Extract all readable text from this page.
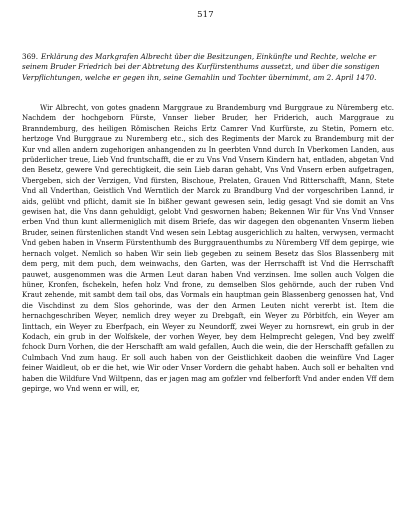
517
369. Erklärung des Markgrafen Albrecht über die Besitzungen, Einkünfte und Rechte, welche er seinem Bruder Friedrich bei der Abtretung des Kurfürstenthums aussetzt, und über die sonstigen Verpflichtungen, welche er gegen ihn, seine Gemahlin und Tochter übernimmt, am 2. April 1470.

Wir Albrecht, von gotes gnadenn Marggraue zu Brandemburg vnd Burggraue zu Nüremberg etc. Nachdem der hochgeborn Fürste, Vnnser lieber Bruder, her Friderich, auch Marggraue zu Branndemburg, des heiligen Römischen Reichs Ertz Camrer Vnd Kurfürste, zu Stetin, Pomern etc. hertzoge Vnd Burggraue zu Nuremberg etc., sich des Regiments der Marck zu Brandemburg mit der Kur vnd allen andern zugehorigen anhangenden zu In geerbten Vnnd durch In Vberkomen Landen, aus prüderlicher treue, Lieb Vnd fruntschafft, die er zu Vns Vnd Vnsern Kindern hat, entladen, abgetan Vnd den Besetz, gewere Vnd gerechtigkeit, die sein Lieb daran gehabt, Vns Vnd Vnsern erben aufgetragen, Vbergeben, sich der Verzigen, Vnd fürsten, Bischoue, Prelaten, Grauen Vnd Ritterschafft, Mann, Stete Vnd all Vnderthan, Geistlich Vnd Werntlich der Marck zu Brandburg Vnd der vorgeschriben Lannd, ir aids, gelübt vnd pflicht, damit sie In bißher gewant gewesen sein, ledig gesagt Vnd sie domit an Vns gewisen hat, die Vns dann gehuldigt, gelobt Vnd geswornen haben; Bekennen Wir für Vns Vnd Vnnser erben Vnd thun kunt allermeniglich mit disem Briefe, das wir dagegen den obgenanten Vnserm lieben Bruder, seinen fürstenlichen standt Vnd wesen sein Lebtag ausgerichlich zu halten, verwysen, vermacht Vnd geben haben in Vnserm Fürstenthumb des Burggrauenthumbs zu Nüremberg Vff dem gepirge, wie hernach volget. Nemlich so haben Wir sein lieb gegeben zu seinem Besetz das Slos Blassenberg mit dem perg, mit dem puch, dem weinwachs, den Garten, was der Herrschafft ist Vnd die Herrschafft pauwet, ausgenommen was die Armen Leut daran haben Vnd verzinsen. Ime sollen auch Volgen die hüner, Kronfen, fschekeln, hefen holz Vnd frone, zu demselben Slos gehörnde, auch der ruben Vnd Kraut zehende, mit sambt dem tail obs, das Vormals ein hauptman gein Blassenberg genossen hat, Vnd die Vischdinst zu dem Slos gehorinde, was der den Armen Leuten nicht vererbt ist. Item die hernachgeschriben Weyer, nemlich drey weyer zu Drebgaft, ein Weyer zu Pörbitfch, ein Weyer am Iinttach, ein Weyer zu Eberfpach, ein Weyer zu Neundorff, zwei Weyer zu hornsrewt, ein grub in der Kodach, ein grub in der Wolfskele, der vorhen Weyer, bey dem Helmprecht gelegen, Vnd bey zwelff fchock Durn Vorhen, die der Herschafft am wald gefallen, Auch die wein, die der Herschafft gefallen zu Culmbach Vnd zum haug. Er soll auch haben von der Geistlichkeit daoben die weinfüre Vnd Lager feiner Waidleut, ob er die het, wie Wir oder Vnser Vordern die gehabt haben. Auch soll er behalten vnd haben die Wildfure Vnd Wiltpenn, das er jagen mag am gofzler vnd felberforft Vnd ander enden Vff dem gepirge, wo Vnd wenn er will, er,
